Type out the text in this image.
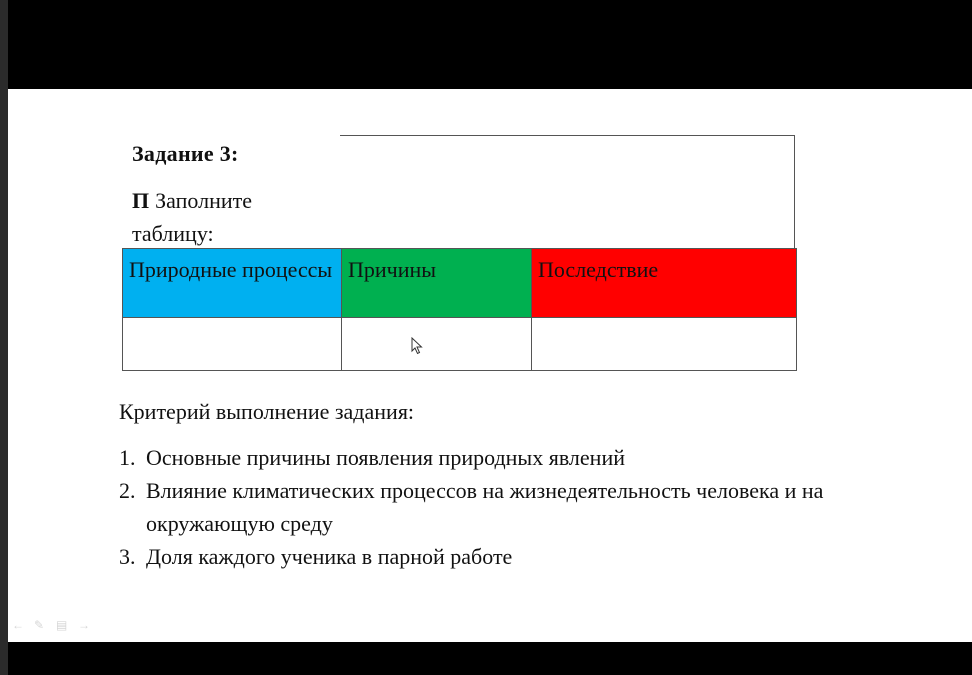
Задание 3:
П Заполните таблицу:
Природные процессы	Причины	Последствие

Критерий выполнение задания:
1. Основные причины появления природных явлений
2. Влияние климатических процессов на жизнедеятельность человека и на окружающую среду
3. Доля каждого ученика в парной работе
← ✎ ▤ →
